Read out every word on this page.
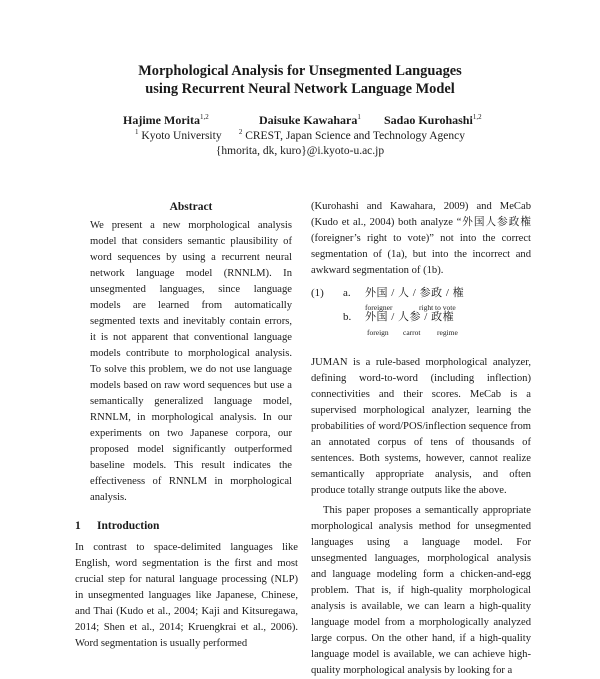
Morphological Analysis for Unsegmented Languages
using Recurrent Neural Network Language Model
Hajime Morita$^{1,2}$	Daisuke Kawahara$^1$ Sadao Kurohashi$^{1,2}$
$^1$ Kyoto University $^2$ CREST, Japan Science and Technology Agency
{hmorita, dk, kuro}@i.kyoto-u.ac.jp
Abstract

We present a new morphological analysis model that considers semantic plausibility of word sequences by using a recurrent neural network language model (RNNLM). In unsegmented languages, since language models are learned from automatically segmented texts and inevitably contain errors, it is not apparent that conventional language models contribute to morphological analysis. To solve this problem, we do not use language models based on raw word sequences but use a semantically generalized language model, RNNLM, in morphological analysis. In our experiments on two Japanese corpora, our proposed model significantly outperformed baseline models. This result indicates the effectiveness of RNNLM in morphological analysis.

1 Introduction

In contrast to space-delimited languages like English, word segmentation is the first and most crucial step for natural language processing (NLP) in unsegmented languages like Japanese, Chinese, and Thai (Kudo et al., 2004; Kaji and Kitsuregawa, 2014; Shen et al., 2014; Kruengkrai et al., 2006). Word segmentation is usually performed

(Kurohashi and Kawahara, 2009) and MeCab (Kudo et al., 2004) both analyze “外国人参政権 (foreigner’s right to vote)” not into the correct segmentation of (1a), but into the incorrect and awkward segmentation of (1b).

(1) a. 外国 / 人 / 参政 / 権
foreigner	right to vote
b. 外国 / 人参 / 政権
foreign carrot regime

JUMAN is a rule-based morphological analyzer, defining word-to-word (including inflection) connectivities and their scores. MeCab is a supervised morphological analyzer, learning the probabilities of word/POS/inflection sequence from an annotated corpus of tens of thousands of sentences. Both systems, however, cannot realize semantically appropriate analysis, and often produce totally strange outputs like the above.

This paper proposes a semantically appropriate morphological analysis method for unsegmented languages using a language model. For unsegmented languages, morphological analysis and language modeling form a chicken-and-egg problem. That is, if high-quality morphological analysis is available, we can learn a high-quality language model from a morphologically analyzed large corpus. On the other hand, if a high-quality language model is available, we can achieve high-quality morphological analysis by looking for a
